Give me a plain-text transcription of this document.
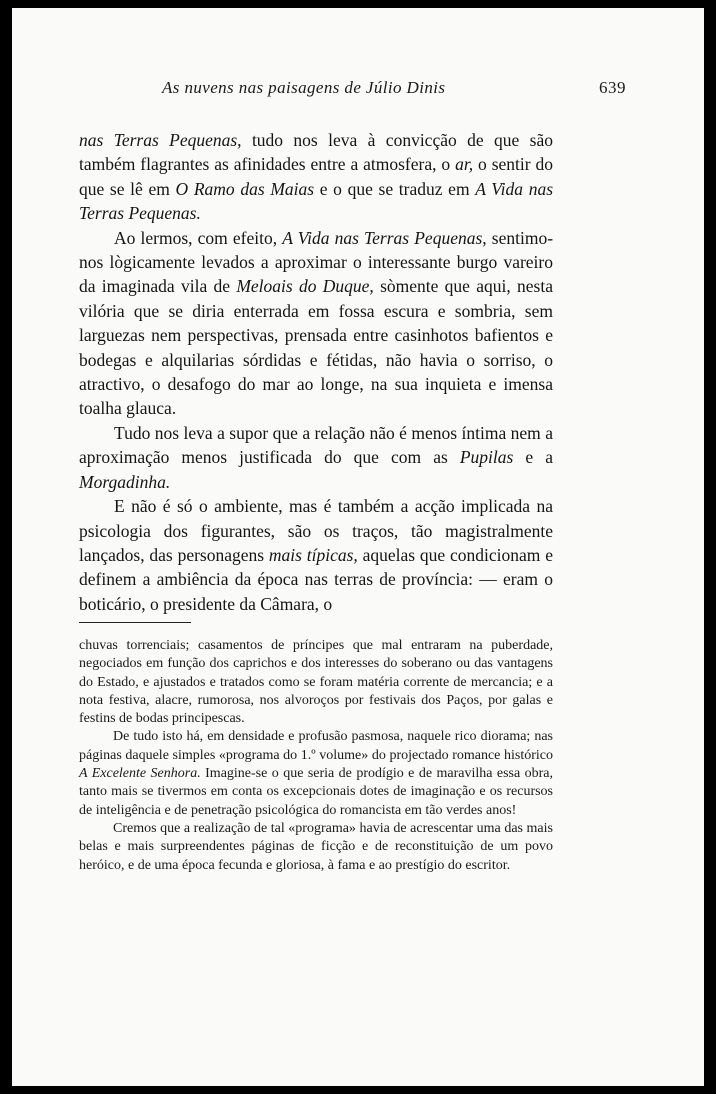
As nuvens nas paisagens de Júlio Dinis	639

nas Terras Pequenas, tudo nos leva à convicção de que são também flagrantes as afinidades entre a atmosfera, o ar, o sentir do que se lê em O Ramo das Maias e o que se traduz em A Vida nas Terras Pequenas.

Ao lermos, com efeito, A Vida nas Terras Pequenas, sentimo-nos lògicamente levados a aproximar o interessante burgo vareiro da imaginada vila de Meloais do Duque, sòmente que aqui, nesta vilória que se diria enterrada em fossa escura e sombria, sem larguezas nem perspectivas, prensada entre casinhotos bafientos e bodegas e alquilarias sórdidas e fétidas, não havia o sorriso, o atractivo, o desafogo do mar ao longe, na sua inquieta e imensa toalha glauca.

Tudo nos leva a supor que a relação não é menos íntima nem a aproximação menos justificada do que com as Pupilas e a Morgadinha.

E não é só o ambiente, mas é também a acção implicada na psicologia dos figurantes, são os traços, tão magistralmente lançados, das personagens mais típicas, aquelas que condicionam e definem a ambiência da época nas terras de província: — eram o boticário, o presidente da Câmara, o

chuvas torrenciais; casamentos de príncipes que mal entraram na puberdade, negociados em função dos caprichos e dos interesses do soberano ou das vantagens do Estado, e ajustados e tratados como se foram matéria corrente de mercancia; e a nota festiva, alacre, rumorosa, nos alvoroços por festivais dos Paços, por galas e festins de bodas principescas.

De tudo isto há, em densidade e profusão pasmosa, naquele rico diorama; nas páginas daquele simples «programa do 1.º volume» do projectado romance histórico A Excelente Senhora. Imagine-se o que seria de prodígio e de maravilha essa obra, tanto mais se tivermos em conta os excepcionais dotes de imaginação e os recursos de inteligência e de penetração psicológica do romancista em tão verdes anos!

Cremos que a realização de tal «programa» havia de acrescentar uma das mais belas e mais surpreendentes páginas de ficção e de reconstituição de um povo heróico, e de uma época fecunda e gloriosa, à fama e ao prestígio do escritor.
